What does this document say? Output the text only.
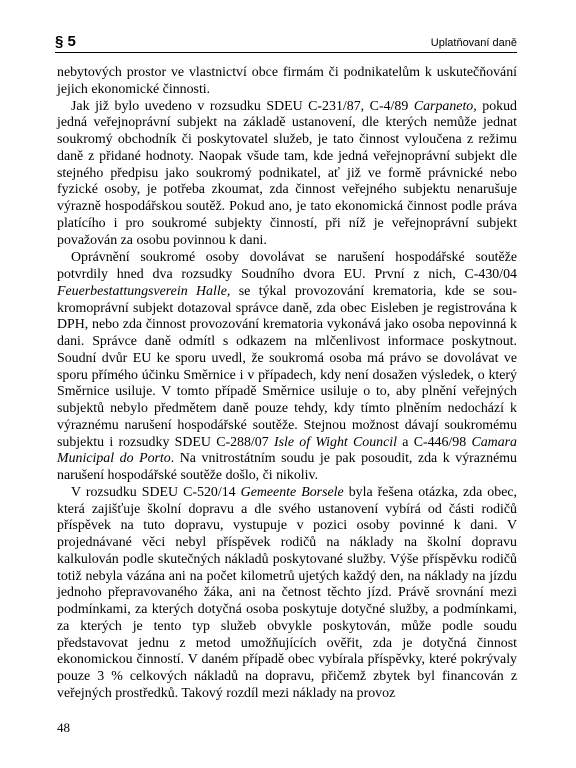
§ 5	Uplatňovaní daně

nebytových prostor ve vlastnictví obce firmám či podnikatelům k uskutečňování jejich ekonomické činnosti.

Jak již bylo uvedeno v rozsudku SDEU C-231/87, C-4/89 Carpaneto, pokud jedná veřejnoprávní subjekt na základě ustanovení, dle kterých nemůže jednat soukromý obchodník či poskytovatel služeb, je tato činnost vyloučena z režimu daně z přidané hodnoty. Naopak všude tam, kde jedná veřejnoprávní subjekt dle stejného předpisu jako soukromý podnikatel, ať již ve formě právnické nebo fyzické osoby, je potřeba zkoumat, zda činnost veřejného subjektu nenarušuje výrazně hospodářskou soutěž. Pokud ano, je tato ekonomická činnost podle práva platícího i pro soukromé subjekty činností, při níž je veřejnoprávní subjekt považován za osobu povinnou k dani.

Oprávnění soukromé osoby dovolávat se narušení hospodářské soutěže potvrdily hned dva rozsudky Soudního dvora EU. První z nich, C-430/04 Feuerbestattungsverein Halle, se týkal provozování krematoria, kde se soukromoprávní subjekt dotazoval správce daně, zda obec Eisleben je registrována k DPH, nebo zda činnost provozování krematoria vykonává jako osoba nepovinná k dani. Správce daně odmítl s odkazem na mlčenlivost informace poskytnout. Soudní dvůr EU ke sporu uvedl, že soukromá osoba má právo se dovolávat ve sporu přímého účinku Směrnice i v případech, kdy není dosažen výsledek, o který Směrnice usiluje. V tomto případě Směrnice usiluje o to, aby plnění veřejných subjektů nebylo předmětem daně pouze tehdy, kdy tímto plněním nedochází k výraznému narušení hospodářské soutěže. Stejnou možnost dávají soukromému subjektu i rozsudky SDEU C-288/07 Isle of Wight Council a C-446/98 Camara Municipal do Porto. Na vnitrostátním soudu je pak posoudit, zda k výraznému narušení hospodářské soutěže došlo, či nikoliv.

V rozsudku SDEU C-520/14 Gemeente Borsele byla řešena otázka, zda obec, která zajišťuje školní dopravu a dle svého ustanovení vybírá od části rodičů příspěvek na tuto dopravu, vystupuje v pozici osoby povinné k dani. V projednávané věci nebyl příspěvek rodičů na náklady na školní dopravu kalkulován podle skutečných nákladů poskytované služby. Výše příspěvku rodičů totiž nebyla vázána ani na počet kilometrů ujetých každý den, na náklady na jízdu jednoho přepravovaného žáka, ani na četnost těchto jízd. Právě srovnání mezi podmínkami, za kterých dotyčná osoba poskytuje dotyčné služby, a podmínkami, za kterých je tento typ služeb obvykle poskytován, může podle soudu představovat jednu z metod umožňujících ověřit, zda je dotyčná činnost ekonomickou činností. V daném případě obec vybírala příspěvky, které pokrývaly pouze 3 % celkových nákladů na dopravu, přičemž zbytek byl financován z veřejných prostředků. Takový rozdíl mezi náklady na provoz

48
